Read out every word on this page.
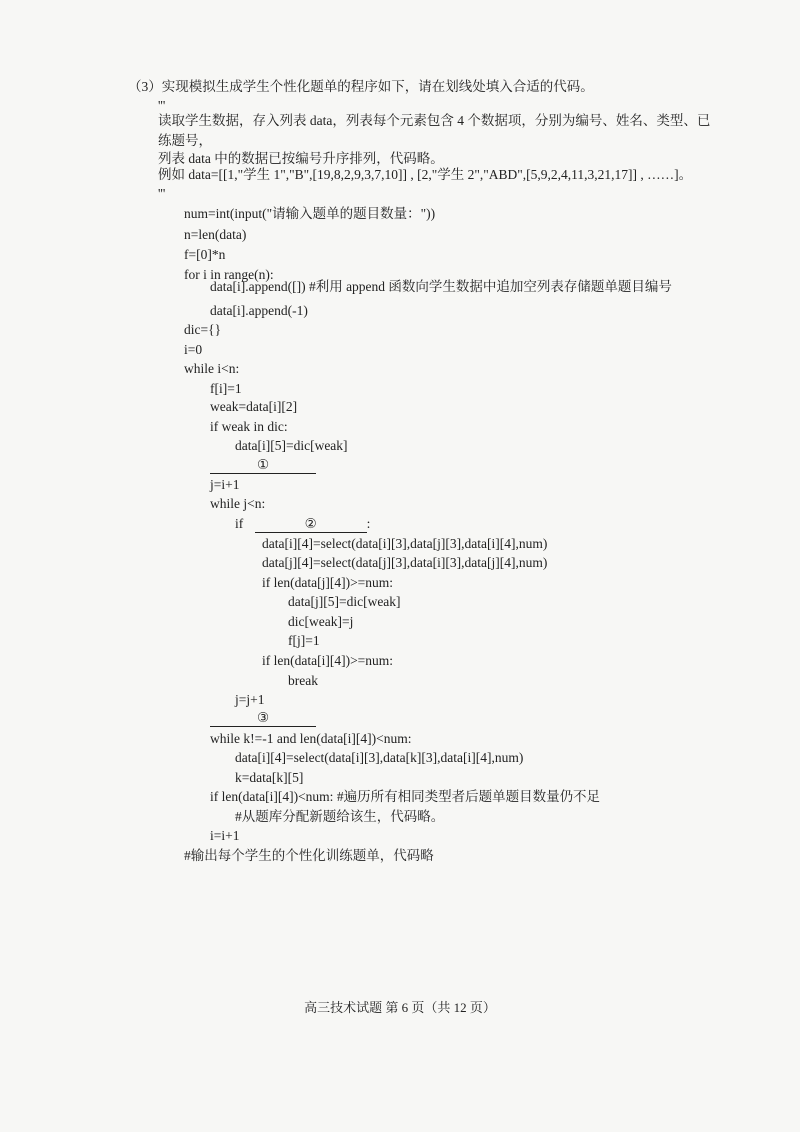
（3）实现模拟生成学生个性化题单的程序如下，请在划线处填入合适的代码。
'''
读取学生数据，存入列表 data，列表每个元素包含 4 个数据项，分别为编号、姓名、类型、已
练题号，
列表 data 中的数据已按编号升序排列，代码略。
例如 data=[[1,"学生 1","B",[19,8,2,9,3,7,10]] , [2,"学生 2","ABD",[5,9,2,4,11,3,21,17]] , ……]。
'''
num=int(input("请输入题单的题目数量："))
n=len(data)
f=[0]*n
for i in range(n):
data[i].append([]) #利用 append 函数向学生数据中追加空列表存储题单题目编号
data[i].append(-1)
dic={}
i=0
while i<n:
f[i]=1
weak=data[i][2]
if weak in dic:
data[i][5]=dic[weak]
①
j=i+1
while j<n:
if	②	:
data[i][4]=select(data[i][3],data[j][3],data[i][4],num)
data[j][4]=select(data[j][3],data[i][3],data[j][4],num)
if len(data[j][4])>=num:
data[j][5]=dic[weak]
dic[weak]=j
f[j]=1
if len(data[i][4])>=num:
break
j=j+1
③
while k!=-1 and len(data[i][4])<num:
data[i][4]=select(data[i][3],data[k][3],data[i][4],num)
k=data[k][5]
if len(data[i][4])<num: #遍历所有相同类型者后题单题目数量仍不足
#从题库分配新题给该生，代码略。
i=i+1
#输出每个学生的个性化训练题单，代码略
高三技术试题 第 6 页（共 12 页）
